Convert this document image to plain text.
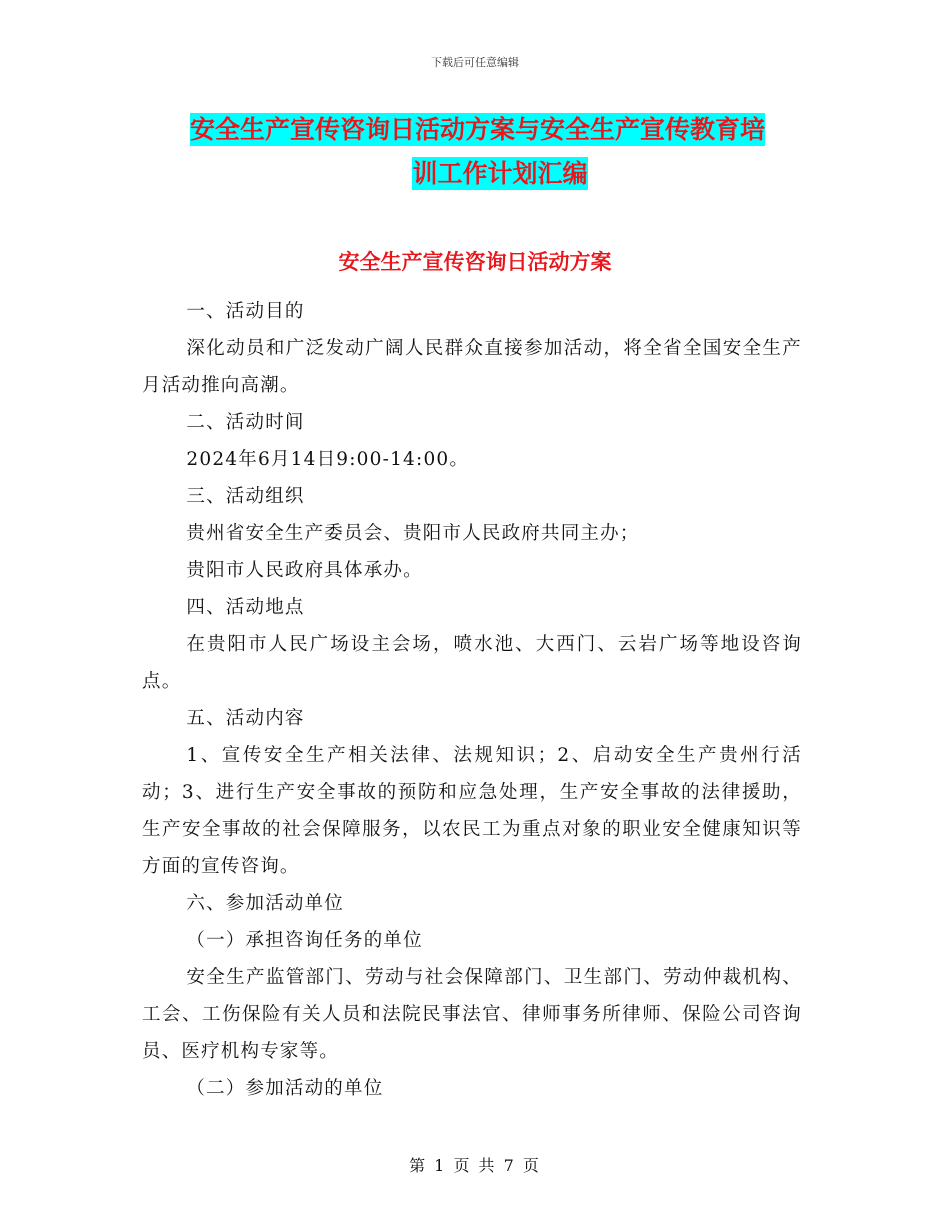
下载后可任意编辑
安全生产宣传咨询日活动方案与安全生产宣传教育培
训工作计划汇编
安全生产宣传咨询日活动方案

一、活动目的

深化动员和广泛发动广阔人民群众直接参加活动，将全省全国安全生产月活动推向高潮。

二、活动时间

2024年6月14日9:00-14:00。

三、活动组织

贵州省安全生产委员会、贵阳市人民政府共同主办；

贵阳市人民政府具体承办。

四、活动地点

在贵阳市人民广场设主会场，喷水池、大西门、云岩广场等地设咨询点。

五、活动内容

1、宣传安全生产相关法律、法规知识；2、启动安全生产贵州行活动；3、进行生产安全事故的预防和应急处理，生产安全事故的法律援助，生产安全事故的社会保障服务，以农民工为重点对象的职业安全健康知识等方面的宣传咨询。

六、参加活动单位

（一）承担咨询任务的单位

安全生产监管部门、劳动与社会保障部门、卫生部门、劳动仲裁机构、工会、工伤保险有关人员和法院民事法官、律师事务所律师、保险公司咨询员、医疗机构专家等。

（二）参加活动的单位

第 1 页 共 7 页
